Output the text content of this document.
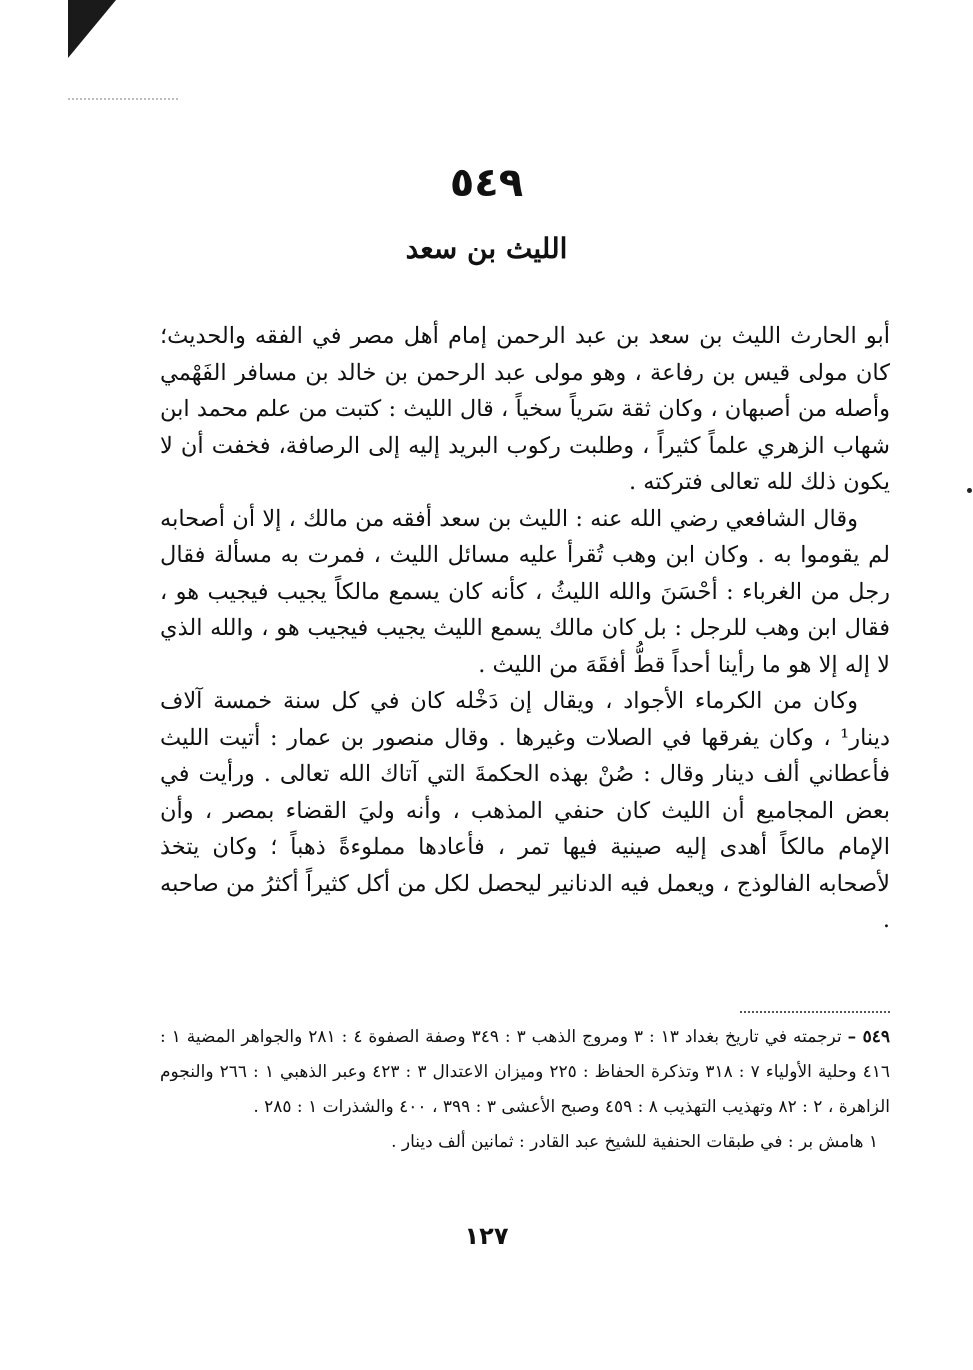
٥٤٩
الليث بن سعد

أبو الحارث الليث بن سعد بن عبد الرحمن إمام أهل مصر في الفقه والحديث؛ كان مولى قيس بن رفاعة ، وهو مولى عبد الرحمن بن خالد بن مسافر الفَهْمي وأصله من أصبهان ، وكان ثقة سَرياً سخياً ، قال الليث : كتبت من علم محمد ابن شهاب الزهري علماً كثيراً ، وطلبت ركوب البريد إليه إلى الرصافة، فخفت أن لا يكون ذلك لله تعالى فتركته .

وقال الشافعي رضي الله عنه : الليث بن سعد أفقه من مالك ، إلا أن أصحابه لم يقوموا به . وكان ابن وهب تُقرأ عليه مسائل الليث ، فمرت به مسألة فقال رجل من الغرباء : أحْسَنَ والله الليثُ ، كأنه كان يسمع مالكاً يجيب فيجيب هو ، فقال ابن وهب للرجل : بل كان مالك يسمع الليث يجيب فيجيب هو ، والله الذي لا إله إلا هو ما رأينا أحداً قطُّ أفقَهَ من الليث .

وكان من الكرماء الأجواد ، ويقال إن دَخْله كان في كل سنة خمسة آلاف دينار¹ ، وكان يفرقها في الصلات وغيرها . وقال منصور بن عمار : أتيت الليث فأعطاني ألف دينار وقال : صُنْ بهذه الحكمةَ التي آتاك الله تعالى . ورأيت في بعض المجاميع أن الليث كان حنفي المذهب ، وأنه وليَ القضاء بمصر ، وأن الإمام مالكاً أهدى إليه صينية فيها تمر ، فأعادها مملوءةً ذهباً ؛ وكان يتخذ لأصحابه الفالوذج ، ويعمل فيه الدنانير ليحصل لكل من أكل كثيراً أكثرُ من صاحبه .

٥٤٩ – ترجمته في تاريخ بغداد ١٣ : ٣ ومروج الذهب ٣ : ٣٤٩ وصفة الصفوة ٤ : ٢٨١ والجواهر المضية ١ : ٤١٦ وحلية الأولياء ٧ : ٣١٨ وتذكرة الحفاظ : ٢٢٥ وميزان الاعتدال ٣ : ٤٢٣ وعبر الذهبي ١ : ٢٦٦ والنجوم الزاهرة ، ٢ : ٨٢ وتهذيب التهذيب ٨ : ٤٥٩ وصبح الأعشى ٣ : ٣٩٩ ، ٤٠٠ والشذرات ١ : ٢٨٥ .

١ هامش بر : في طبقات الحنفية للشيخ عبد القادر : ثمانين ألف دينار .

١٢٧
